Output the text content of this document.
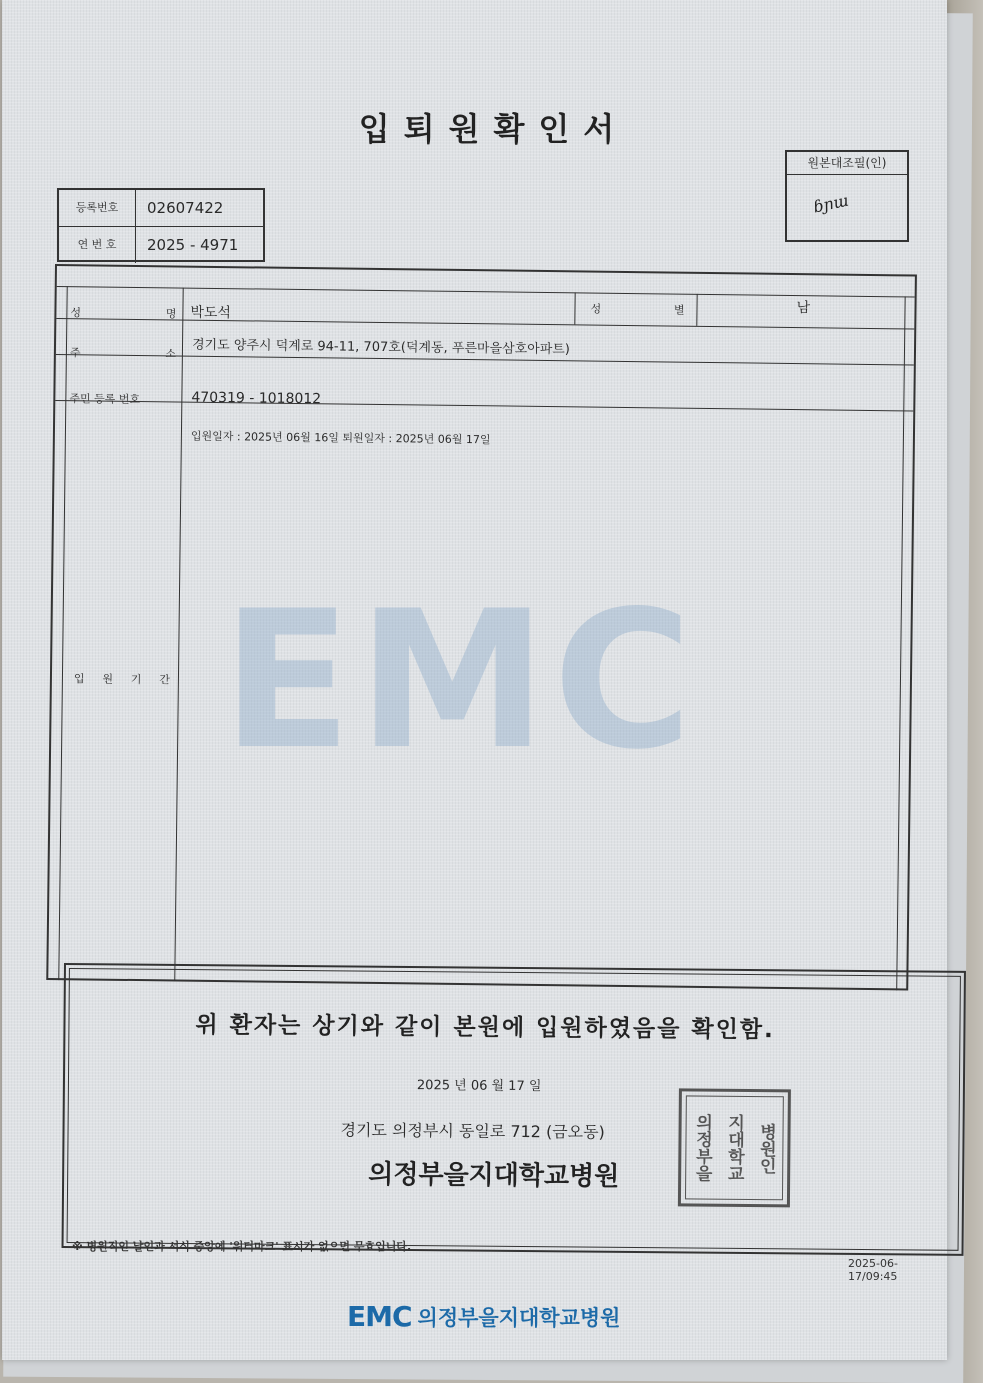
EMC
입퇴원확인서
원본대조필(인)
ɓɲɯ
등록번호	02607422
연 번 호	2025 - 4971
성 명 박도석	성 별	남
주 소 경기도 양주시 덕계로 94-11, 707호(덕계동, 푸른마을삼호아파트)
주민 등록 번호	470319 - 1018012
입원일자 : 2025년 06월 16일 퇴원일자 : 2025년 06월 17일
입 원 기 간
위 환자는 상기와 같이 본원에 입원하였음을 확인함.
2025 년 06 월 17 일
경기도 의정부시 동일로 712 (금오동)
의정부을지대학교병원	의정부을 지대학교 병원인
※ 병원직인 날인과 서식 중앙에 '워터마크' 표시가 없으면 무효입니다.
2025-06-17/09:45
EMC 의정부을지대학교병원
